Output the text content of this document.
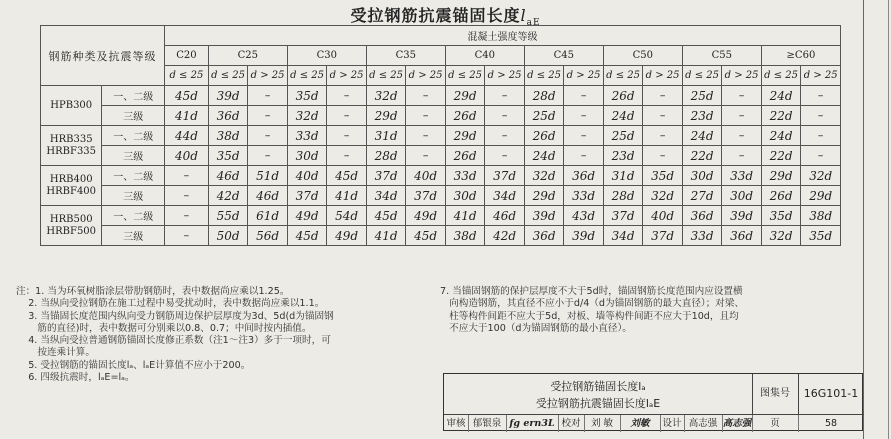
受拉钢筋抗震锚固长度$l_{aE}$
钢筋种类及抗震等级		混凝土强度等级																
		C20	C25		C30		C35		C40		C45		C50		C55		≥C60	
		d ≤ 25	d ≤ 25	d > 25	d ≤ 25	d > 25	d ≤ 25	d > 25	d ≤ 25	d > 25	d ≤ 25	d > 25	d ≤ 25	d > 25	d ≤ 25	d > 25	d ≤ 25	d > 25
HPB300	一、二级	45d	39d	–	35d	–	32d	–	29d	–	28d	–	26d	–	25d	–	24d	–
	三级	41d	36d	–	32d	–	29d	–	26d	–	25d	–	24d	–	23d	–	22d	–
HRB335
HRBF335	一、二级	44d	38d	–	33d	–	31d	–	29d	–	26d	–	25d	–	24d	–	24d	–
	三级	40d	35d	–	30d	–	28d	–	26d	–	24d	–	23d	–	22d	–	22d	–
HRB400
HRBF400	一、二级	–	46d	51d	40d	45d	37d	40d	33d	37d	32d	36d	31d	35d	30d	33d	29d	32d
	三级	–	42d	46d	37d	41d	34d	37d	30d	34d	29d	33d	28d	32d	27d	30d	26d	29d
HRB500
HRBF500	一、二级	–	55d	61d	49d	54d	45d	49d	41d	46d	39d	43d	37d	40d	36d	39d	35d	38d
	三级	–	50d	56d	45d	49d	41d	45d	38d	42d	36d	39d	34d	37d	33d	36d	32d	35d
注：1. 当为环氧树脂涂层带肋钢筋时，表中数据尚应乘以1.25。
2. 当纵向受拉钢筋在施工过程中易受扰动时，表中数据尚应乘以1.1。
3. 当锚固长度范围内纵向受力钢筋周边保护层厚度为3d、5d(d为锚固钢
筋的直径)时，表中数据可分别乘以0.8、0.7；中间时按内插值。
4. 当纵向受拉普通钢筋锚固长度修正系数（注1～注3）多于一项时，可
按连乘计算。
5. 受拉钢筋的锚固长度lₐ、lₐE计算值不应小于200。
6. 四级抗震时，lₐE=lₐ。
7. 当锚固钢筋的保护层厚度不大于5d时，锚固钢筋长度范围内应设置横
向构造钢筋，其直径不应小于d/4（d为锚固钢筋的最大直径）；对梁、
柱等构件间距不应大于5d，对板、墙等构件间距不应大于10d，且均
不应大于100（d为锚固钢筋的最小直径）。
受拉钢筋锚固长度lₐ
受拉钢筋抗震锚固长度lₐE
图集号	16G101-1
审核 郁银泉 fg ern3L 校对	刘 敏	刘敏	设计 高志强 高志强	页	58
